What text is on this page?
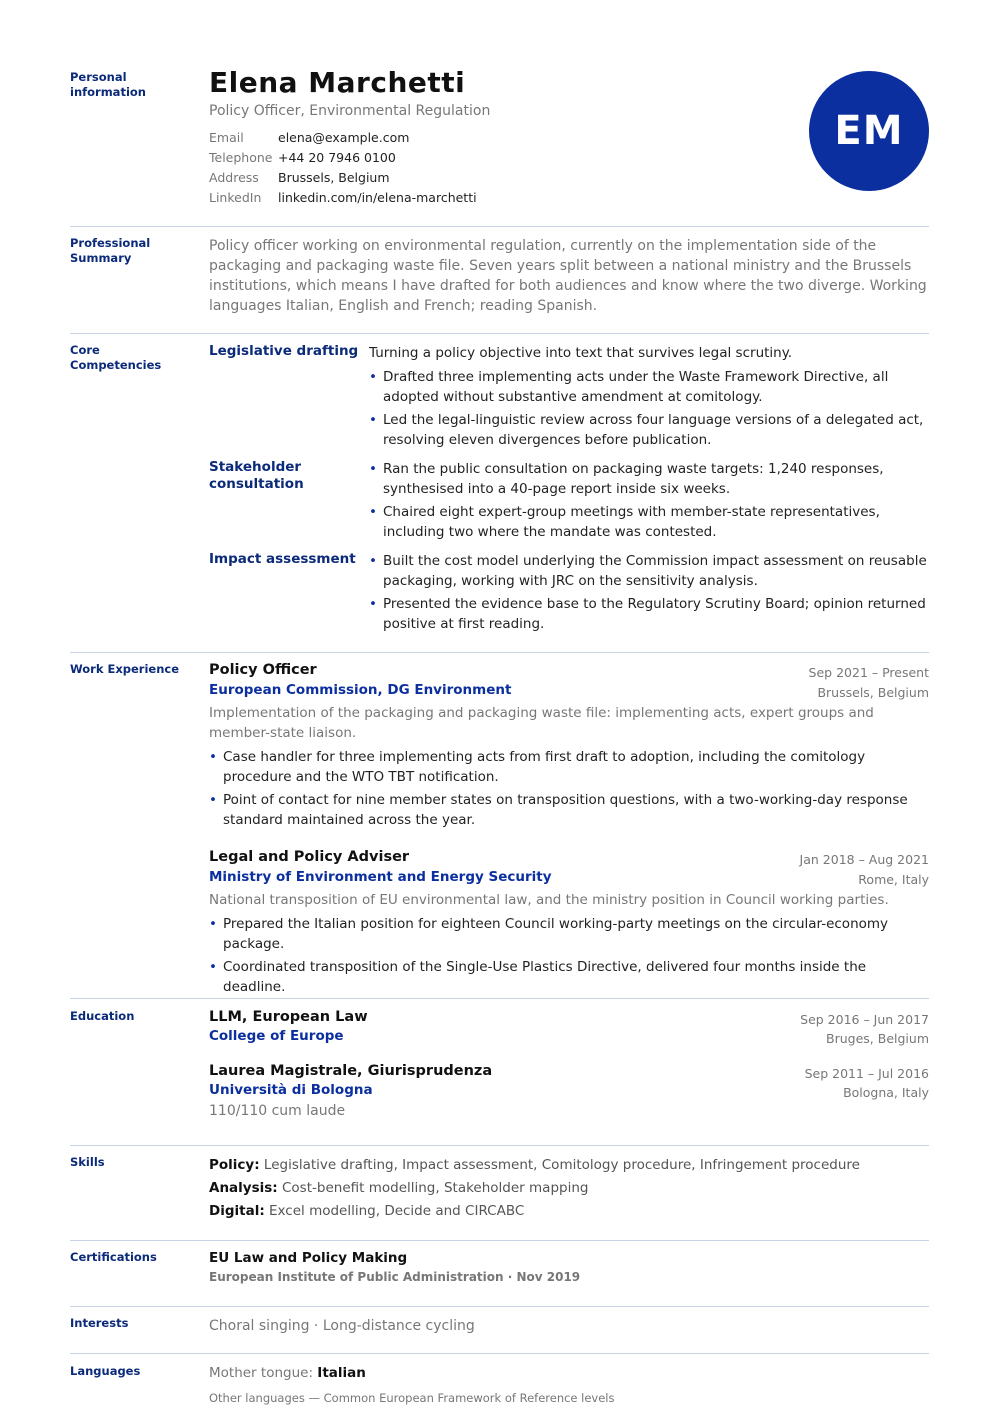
Personal information	Elena Marchetti
Policy Officer, Environmental Regulation
Email	elena@example.com
Telephone +44 20 7946 0100
Address	Brussels, Belgium
LinkedIn	linkedin.com/in/elena-marchetti
EM
Professional Summary
Policy officer working on environmental regulation, currently on the implementation side of the packaging and packaging waste file. Seven years split between a national ministry and the Brussels institutions, which means I have drafted for both audiences and know where the two diverge. Working languages Italian, English and French; reading Spanish.
Core Competencies
Legislative drafting Turning a policy objective into text that survives legal scrutiny.
• Drafted three implementing acts under the Waste Framework Directive, all adopted without substantive amendment at comitology.
• Led the legal-linguistic review across four language versions of a delegated act, resolving eleven divergences before publication.
Stakeholder consultation
• Ran the public consultation on packaging waste targets: 1,240 responses, synthesised into a 40-page report inside six weeks.
• Chaired eight expert-group meetings with member-state representatives, including two where the mandate was contested.
Impact assessment
•	Built the cost model underlying the Commission impact assessment on reusable packaging, working with JRC on the sensitivity analysis.
• Presented the evidence base to the Regulatory Scrutiny Board; opinion returned positive at first reading.
Work Experience	Policy Officer	Sep 2021 – Present
European Commission, DG Environment	Brussels, Belgium
Implementation of the packaging and packaging waste file: implementing acts, expert groups and member-state liaison.
• Case handler for three implementing acts from first draft to adoption, including the comitology procedure and the WTO TBT notification.
• Point of contact for nine member states on transposition questions, with a two-working-day response standard maintained across the year.
Legal and Policy Adviser	Jan 2018 – Aug 2021
Ministry of Environment and Energy Security	Rome, Italy
National transposition of EU environmental law, and the ministry position in Council working parties.
• Prepared the Italian position for eighteen Council working-party meetings on the circular-economy package.
• Coordinated transposition of the Single-Use Plastics Directive, delivered four months inside the deadline.
Education	LLM, European Law	Sep 2016 – Jun 2017
College of Europe	Bruges, Belgium
Laurea Magistrale, Giurisprudenza	Sep 2011 – Jul 2016
Università di Bologna	Bologna, Italy
110/110 cum laude
Skills	Policy: Legislative drafting, Impact assessment, Comitology procedure, Infringement procedure
Analysis: Cost-benefit modelling, Stakeholder mapping
Digital: Excel modelling, Decide and CIRCABC
Certifications	EU Law and Policy Making
European Institute of Public Administration · Nov 2019
Interests	Choral singing · Long-distance cycling
Languages	Mother tongue: Italian
Other languages — Common European Framework of Reference levels
